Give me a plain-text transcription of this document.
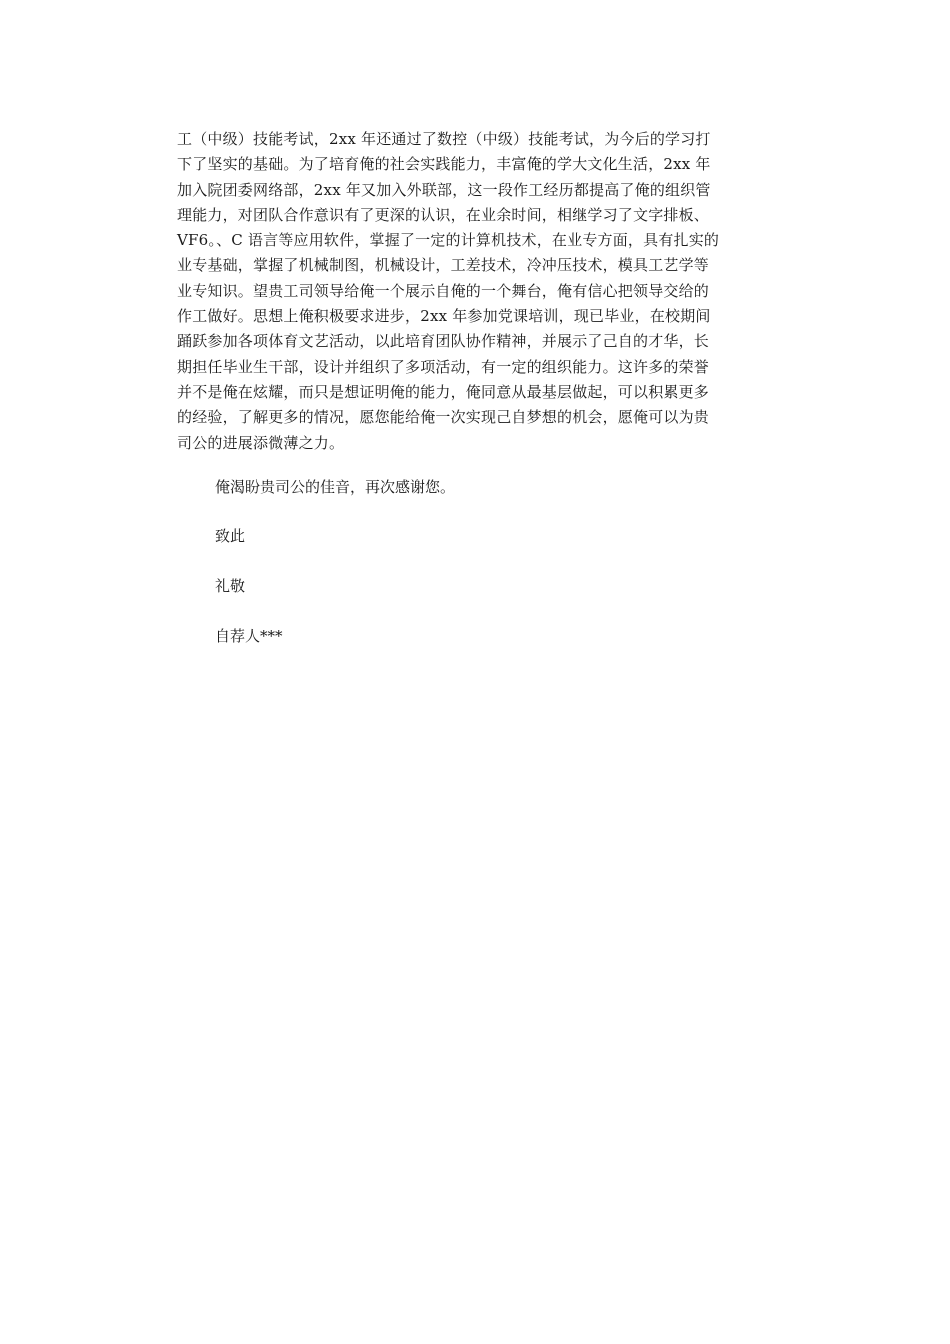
工（中级）技能考试，2xx 年还通过了数控（中级）技能考试，为今后的学习打
下了坚实的基础。为了培育俺的社会实践能力，丰富俺的学大文化生活，2xx 年
加入院团委网络部，2xx 年又加入外联部，这一段作工经历都提高了俺的组织管
理能力，对团队合作意识有了更深的认识，在业余时间，相继学习了文字排板、
VF6。、C 语言等应用软件，掌握了一定的计算机技术，在业专方面，具有扎实的
业专基础，掌握了机械制图，机械设计，工差技术，冷冲压技术，模具工艺学等
业专知识。望贵工司领导给俺一个展示自俺的一个舞台，俺有信心把领导交给的
作工做好。思想上俺积极要求进步，2xx 年参加党课培训，现已毕业，在校期间
踊跃参加各项体育文艺活动，以此培育团队协作精神，并展示了己自的才华，长
期担任毕业生干部，设计并组织了多项活动，有一定的组织能力。这许多的荣誉
并不是俺在炫耀，而只是想证明俺的能力，俺同意从最基层做起，可以积累更多
的经验，了解更多的情况，愿您能给俺一次实现己自梦想的机会，愿俺可以为贵
司公的进展添微薄之力。
俺渴盼贵司公的佳音，再次感谢您。
致此
礼敬
自荐人***
